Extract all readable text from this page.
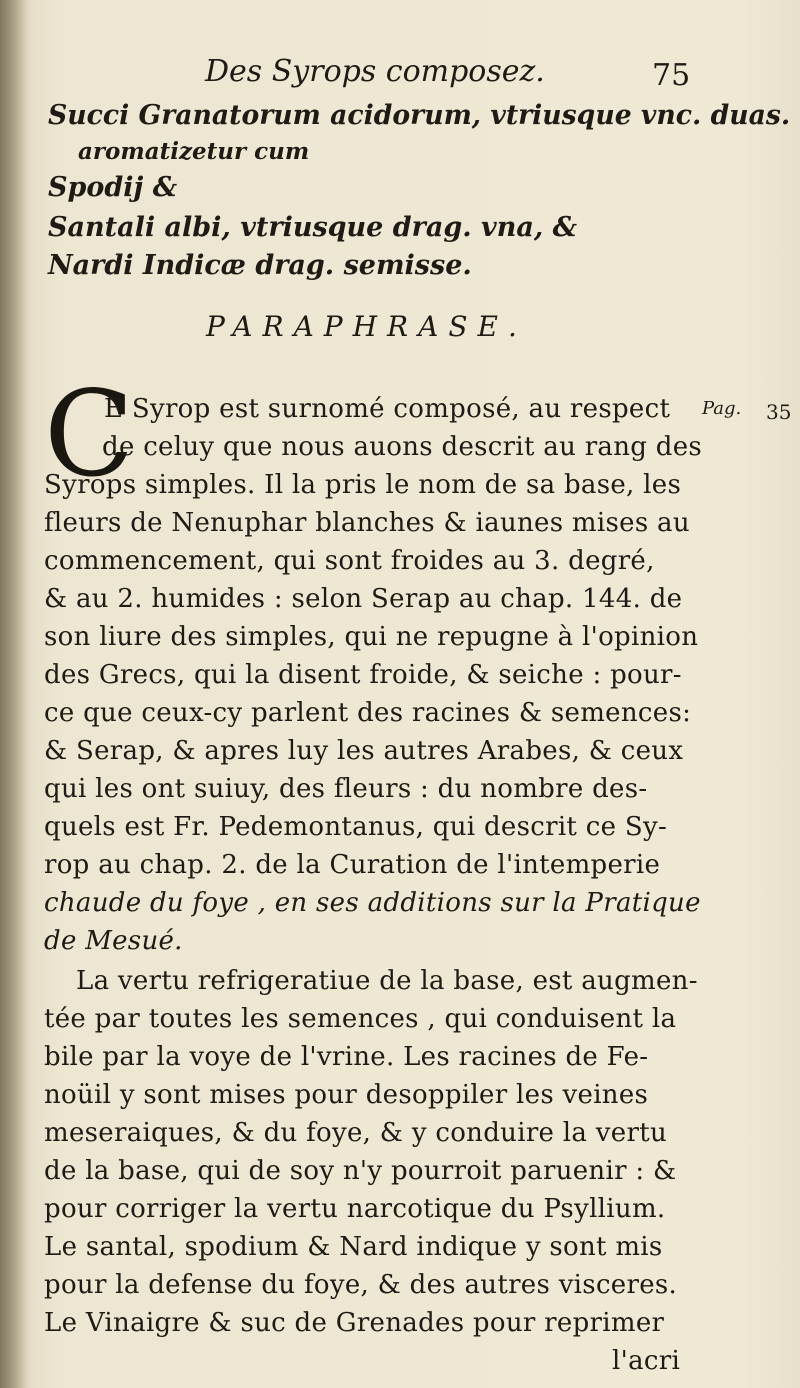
Des Syrops composez.	75
Succi Granatorum acidorum, vtriusque vnc. duas.
aromatizetur cum
Spodij &
Santali albi, vtriusque drag. vna, &
Nardi Indicæ drag. semisse.
PARAPHRASE.
C	Pag. 35
E Syrop est surnomé composé, au respect
de celuy que nous auons descrit au rang des
Syrops simples. Il la pris le nom de sa base, les
fleurs de Nenuphar blanches & iaunes mises au
commencement, qui sont froides au 3. degré,
& au 2. humides : selon Serap au chap. 144. de
son liure des simples, qui ne repugne à l'opinion
des Grecs, qui la disent froide, & seiche : pour-
ce que ceux-cy parlent des racines & semences:
& Serap, & apres luy les autres Arabes, & ceux
qui les ont suiuy, des fleurs : du nombre des-
quels est Fr. Pedemontanus, qui descrit ce Sy-
rop au chap. 2. de la Curation de l'intemperie
chaude du foye , en ses additions sur la Pratique
de Mesué.
La vertu refrigeratiue de la base, est augmen-
tée par toutes les semences , qui conduisent la
bile par la voye de l'vrine. Les racines de Fe-
noüil y sont mises pour desoppiler les veines
meseraiques, & du foye, & y conduire la vertu
de la base, qui de soy n'y pourroit paruenir : &
pour corriger la vertu narcotique du Psyllium.
Le santal, spodium & Nard indique y sont mis
pour la defense du foye, & des autres visceres.
Le Vinaigre & suc de Grenades pour reprimer
l'acri
